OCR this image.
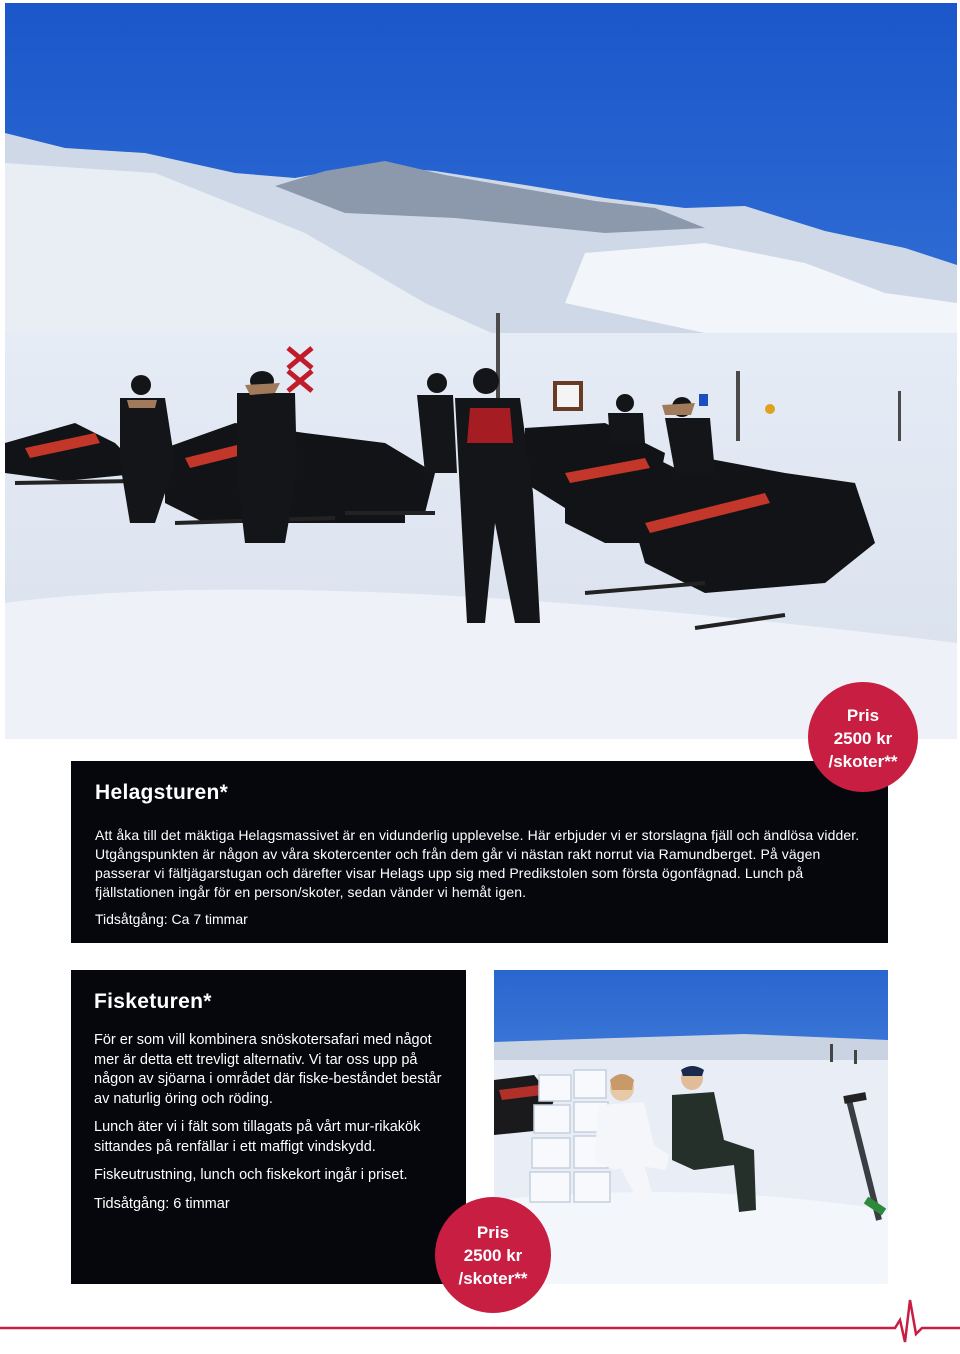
Helagsturen*
Att åka till det mäktiga Helagsmassivet är en vidunderlig upplevelse. Här erbjuder vi er storslagna fjäll och ändlösa vidder. Utgångspunkten är någon av våra skotercenter och från dem går vi nästan rakt norrut via Ramundberget. På vägen passerar vi fältjägarstugan och därefter visar Helags upp sig med Predikstolen som första ögonfägnad. Lunch på fjällstationen ingår för en person/skoter, sedan vänder vi hemåt igen.
Tidsåtgång: Ca 7 timmar
Pris
2500 kr
/skoter**
Fisketuren*
För er som vill kombinera snöskotersafari med något mer är detta ett trevligt alternativ. Vi tar oss upp på någon av sjöarna i området där fiske-beståndet består av naturlig öring och röding.
Lunch äter vi i fält som tillagats på vårt mur-rikakök sittandes på renfällar i ett maffigt vindskydd.
Fiskeutrustning, lunch och fiskekort ingår i priset.
Tidsåtgång: 6 timmar
Pris
2500 kr
/skoter**
